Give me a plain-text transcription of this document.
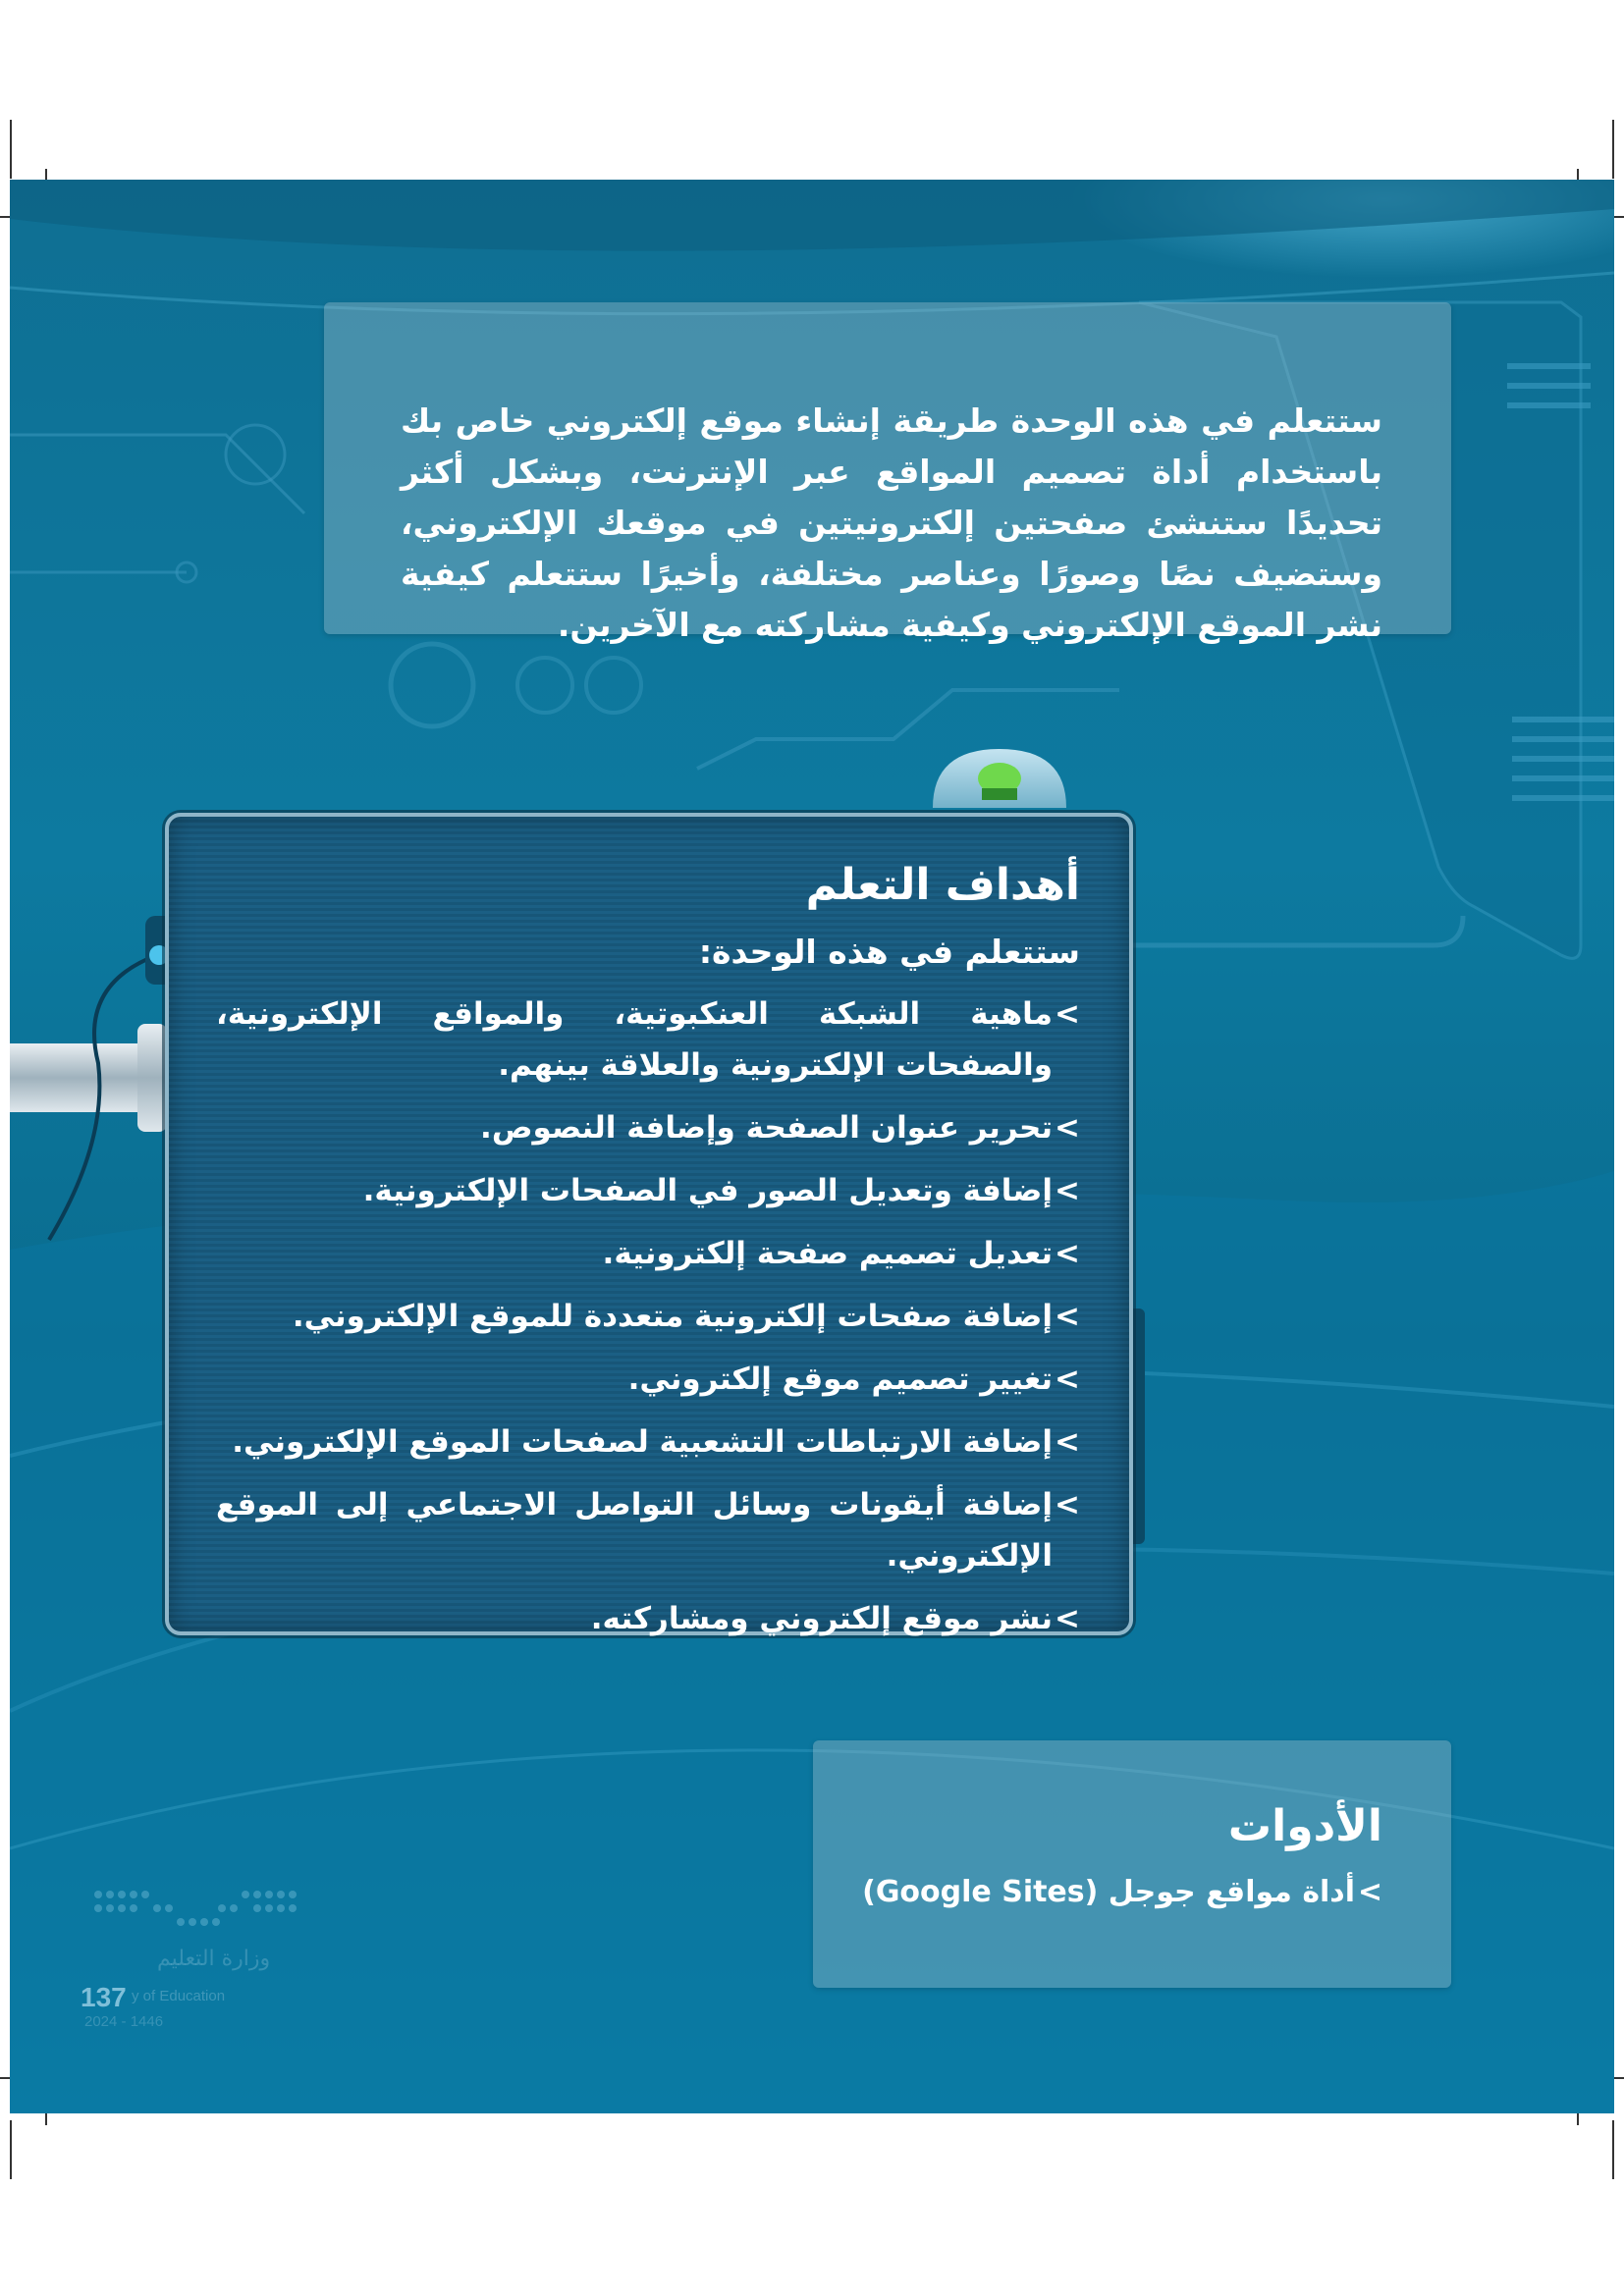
ستتعلم في هذه الوحدة طريقة إنشاء موقع إلكتروني خاص بك باستخدام أداة تصميم المواقع عبر الإنترنت، وبشكل أكثر تحديدًا ستنشئ صفحتين إلكترونيتين في موقعك الإلكتروني، وستضيف نصًا وصورًا وعناصر مختلفة، وأخيرًا ستتعلم كيفية نشر الموقع الإلكتروني وكيفية مشاركته مع الآخرين.

أهداف التعلم
ستتعلم في هذه الوحدة:
>
ماهية الشبكة العنكبوتية، والمواقع الإلكترونية، والصفحات الإلكترونية والعلاقة بينهم.
>
تحرير عنوان الصفحة وإضافة النصوص.
>
إضافة وتعديل الصور في الصفحات الإلكترونية.
>
تعديل تصميم صفحة إلكترونية.
>
إضافة صفحات إلكترونية متعددة للموقع الإلكتروني.
>
تغيير تصميم موقع إلكتروني.
>
إضافة الارتباطات التشعبية لصفحات الموقع الإلكتروني.
>
إضافة أيقونات وسائل التواصل الاجتماعي إلى الموقع الإلكتروني.
>
نشر موقع إلكتروني ومشاركته.
الأدوات
>
أداة مواقع جوجل (Google Sites)
وزارة التعليم
137 y of Education
2024 - 1446
